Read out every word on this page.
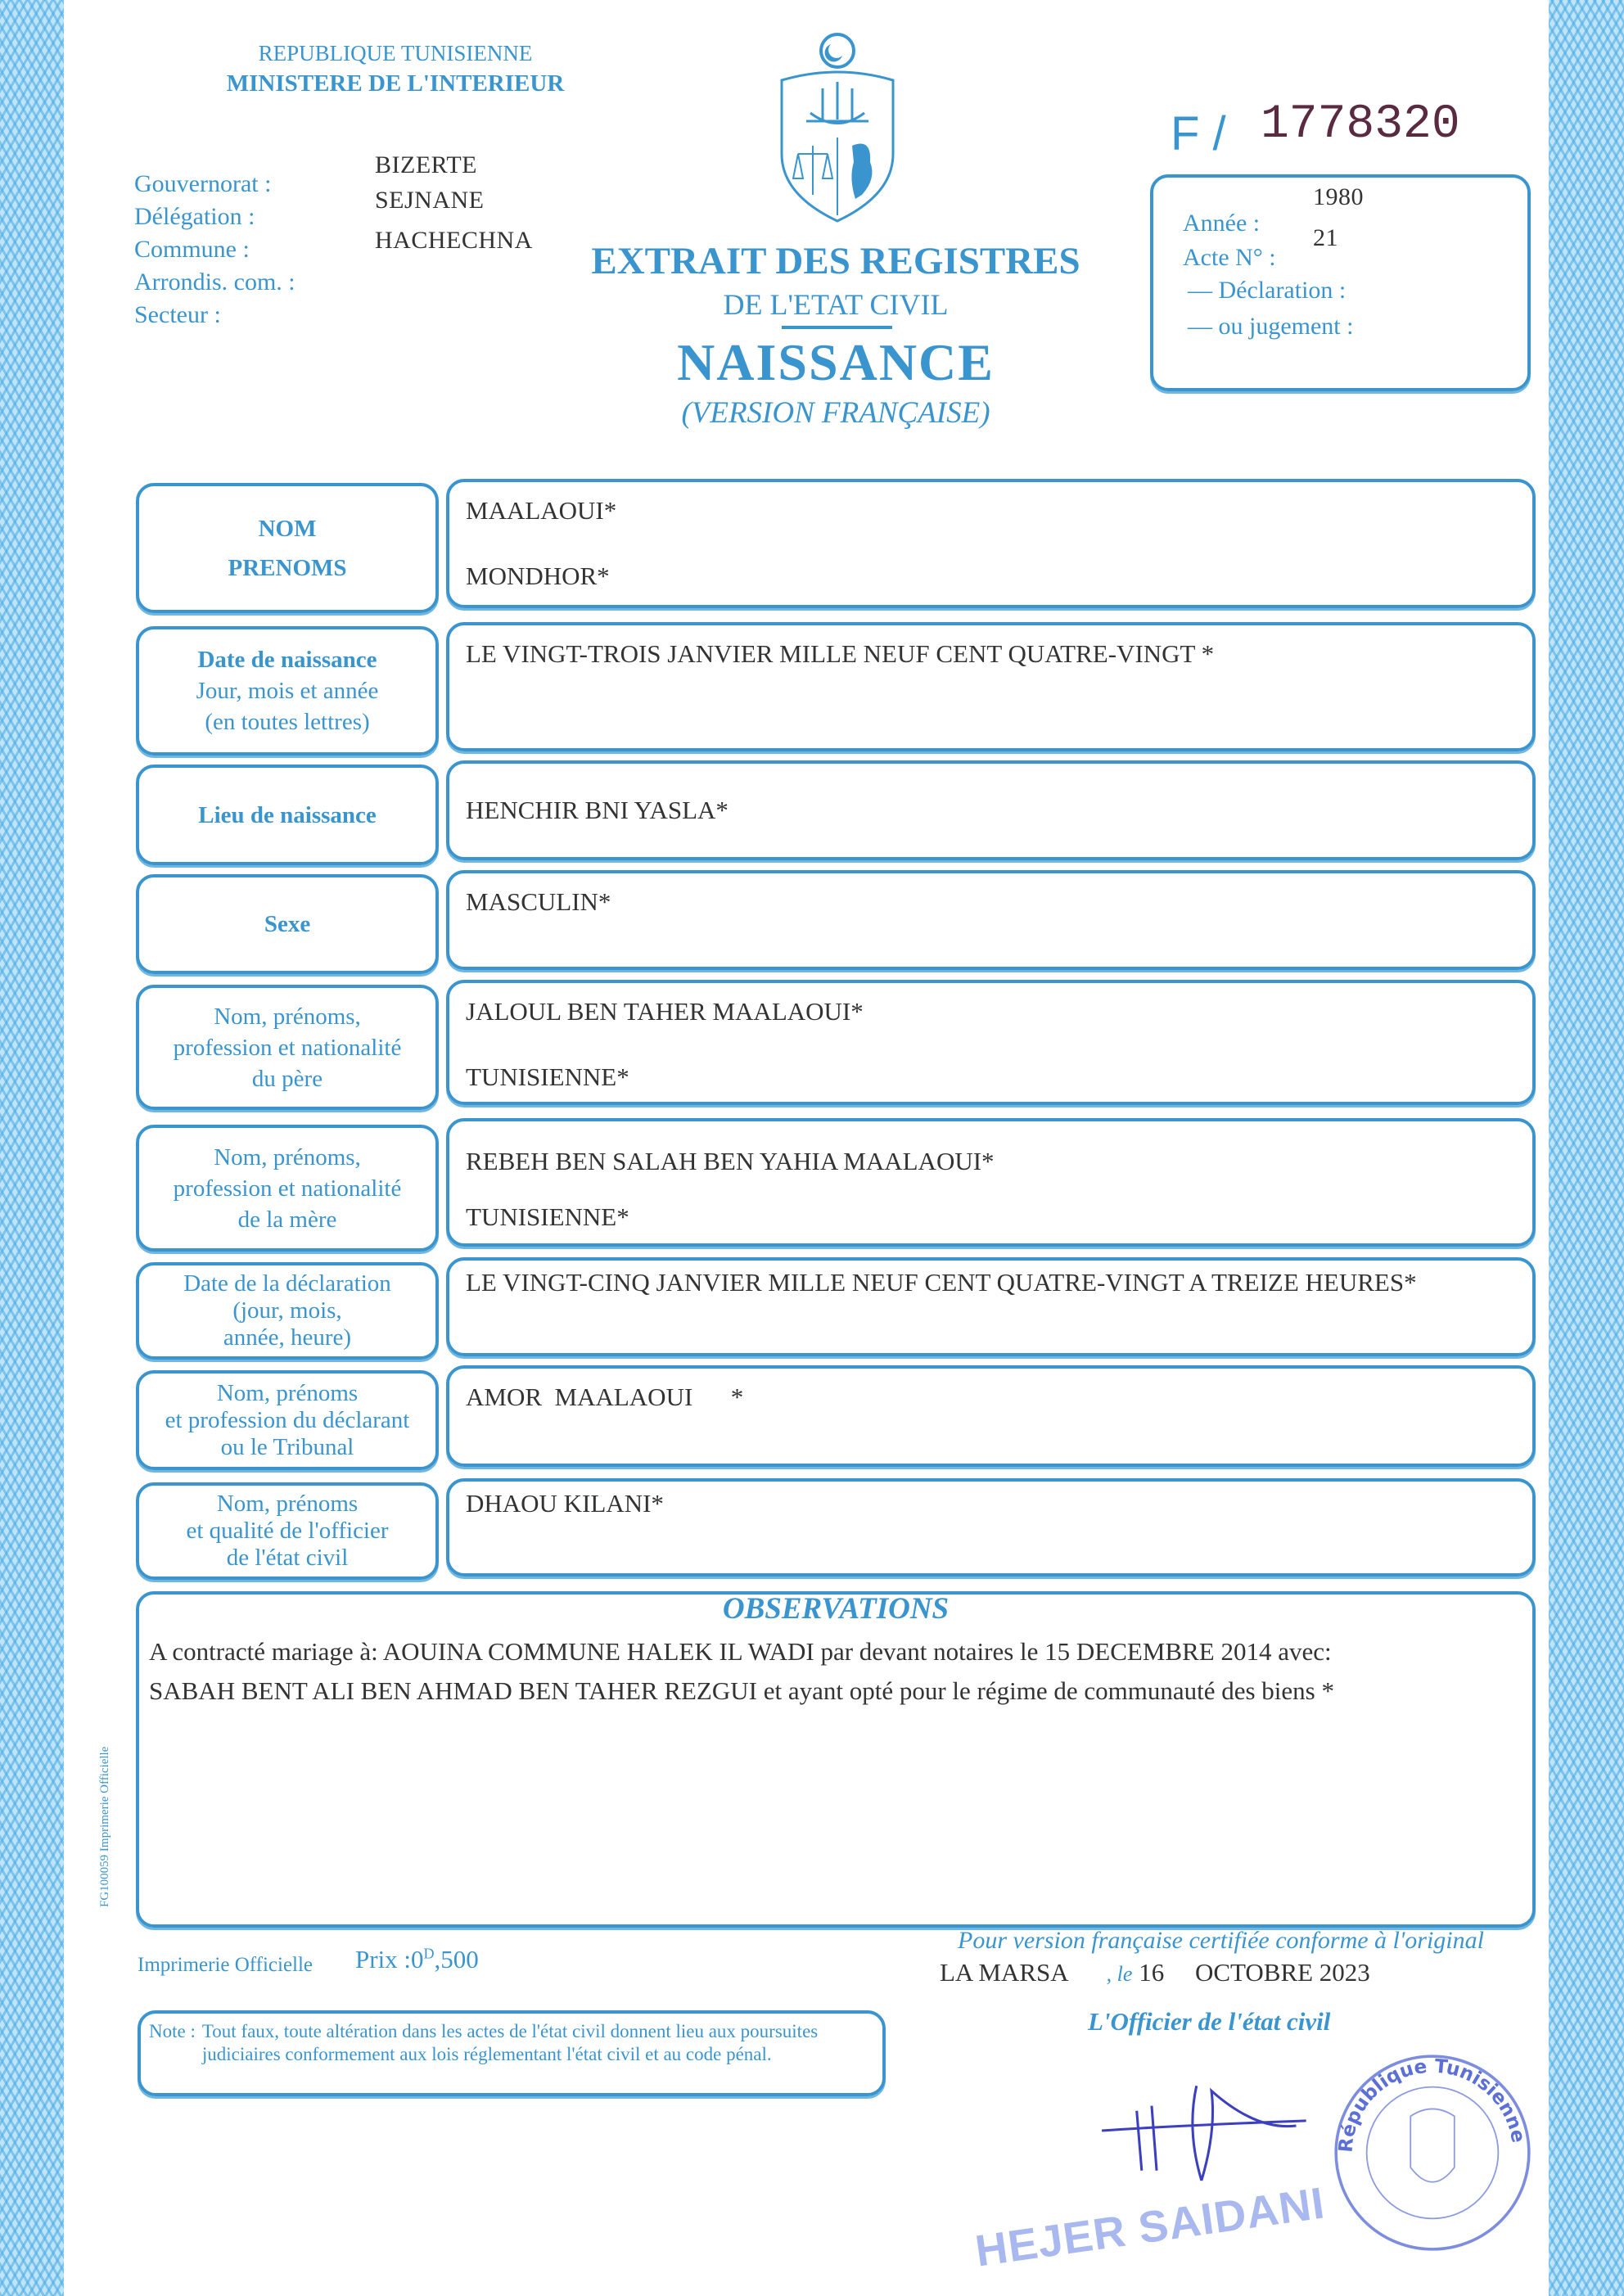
REPUBLIQUE TUNISIENNE
MINISTERE DE L'INTERIEUR
Gouvernorat :
Délégation :
Commune :
Arrondis. com. :
Secteur :
BIZERTE
SEJNANE
HACHECHNA	EXTRAIT DES REGISTRES
DE L'ETAT CIVIL
NAISSANCE
(VERSION FRANÇAISE)
F / 1778320
Année :
1980
Acte N° :
21
— Déclaration :
— ou jugement :
NOM
PRENOMS
MAALAOUI*
MONDHOR*
Date de naissance
Jour, mois et année
(en toutes lettres)
LE VINGT-TROIS JANVIER MILLE NEUF CENT QUATRE-VINGT *
Lieu de naissance	HENCHIR BNI YASLA*
Sexe
MASCULIN*
Nom, prénoms,
profession et nationalité
du père
JALOUL BEN TAHER MAALAOUI*
TUNISIENNE*
Nom, prénoms,
profession et nationalité
de la mère
REBEH BEN SALAH BEN YAHIA MAALAOUI*
TUNISIENNE*
Date de la déclaration
(jour, mois,
année, heure)
LE VINGT-CINQ JANVIER MILLE NEUF CENT QUATRE-VINGT A TREIZE HEURES*
Nom, prénoms
et profession du déclarant
ou le Tribunal
AMOR  MAALAOUI      *
Nom, prénoms
et qualité de l'officier
de l'état civil
DHAOU KILANI*
OBSERVATIONS
A contracté mariage à: AOUINA COMMUNE HALEK IL WADI par devant notaires le 15 DECEMBRE 2014 avec:
SABAH BENT ALI BEN AHMAD BEN TAHER REZGUI et ayant opté pour le régime de communauté des biens *
FG100059 Imprimerie Officielle
Imprimerie Officielle Prix $:0^D,500$
Pour version française certifiée conforme à l'original
LA MARSA , le 16 OCTOBRE 2023
L'Officier de l'état civil
Note : Tout faux, toute altération dans les actes de l'état civil donnent lieu aux poursuites judiciaires conformement aux lois réglementant l'état civil et au code pénal.
République Tunisienne
HEJER SAIDANI
